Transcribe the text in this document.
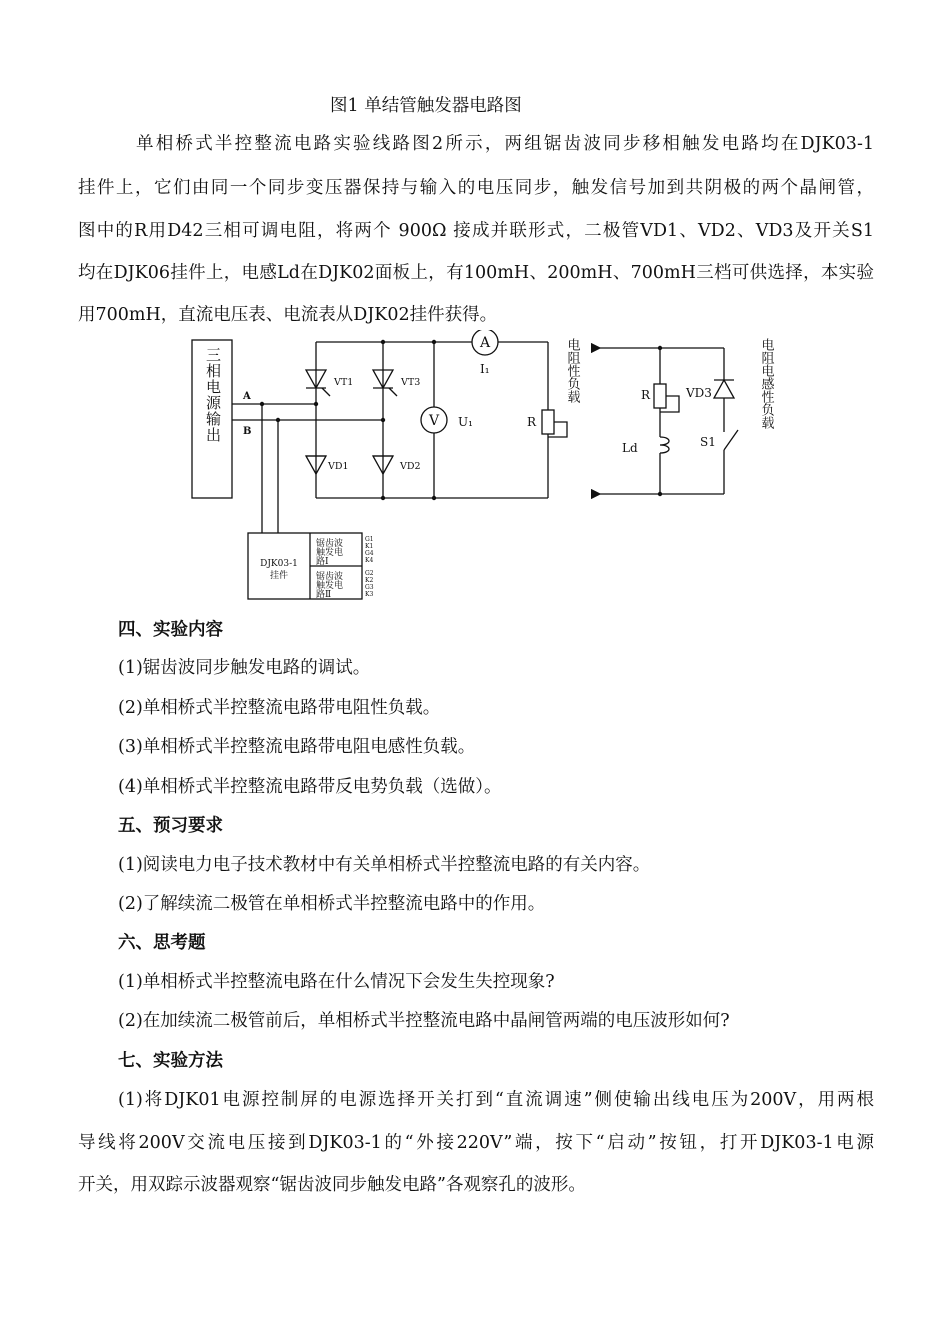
图1 单结管触发器电路图
单相桥式半控整流电路实验线路图2所示，两组锯齿波同步移相触发电路均在DJK03-1
挂件上，它们由同一个同步变压器保持与输入的电压同步，触发信号加到共阴极的两个晶闸管，
图中的R用D42三相可调电阻，将两个 900Ω 接成并联形式，二极管VD1、VD2、VD3及开关S1
均在DJK06挂件上，电感Ld在DJK02面板上，有100mH、200mH、700mH三档可供选择，本实验
用700mH，直流电压表、电流表从DJK02挂件获得。
三相电源输出 A
B
VT1	VT3
VD1	VD2
A
V
I₁
U₁	R
R	VD3
Ld	S1
电阻性负载	电阻电感性负载
DJK03-1
挂件
锯齿波
触发电
路Ⅰ
锯齿波
触发电
路Ⅱ
G1
K1
G4
K4
G2
K2
G3
K3
四、实验内容
(1)锯齿波同步触发电路的调试。
(2)单相桥式半控整流电路带电阻性负载。
(3)单相桥式半控整流电路带电阻电感性负载。
(4)单相桥式半控整流电路带反电势负载（选做）。
五、预习要求
(1)阅读电力电子技术教材中有关单相桥式半控整流电路的有关内容。
(2)了解续流二极管在单相桥式半控整流电路中的作用。
六、思考题
(1)单相桥式半控整流电路在什么情况下会发生失控现象?
(2)在加续流二极管前后，单相桥式半控整流电路中晶闸管两端的电压波形如何?
七、实验方法
(1)将DJK01电源控制屏的电源选择开关打到“直流调速”侧使输出线电压为200V，用两根
导线将200V交流电压接到DJK03-1的“外接220V”端，按下“启动”按钮，打开DJK03-1电源
开关，用双踪示波器观察“锯齿波同步触发电路”各观察孔的波形。
